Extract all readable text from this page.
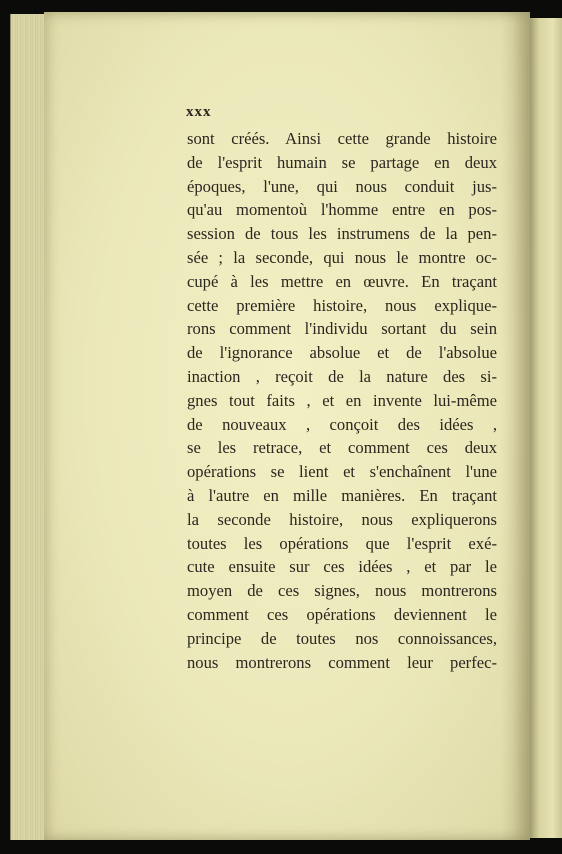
xxx
sont créés. Ainsi cette grande histoire
de l'esprit humain se partage en deux
époques, l'une, qui nous conduit jus-
qu'au momentoù l'homme entre en pos-
session de tous les instrumens de la pen-
sée ; la seconde, qui nous le montre oc-
cupé à les mettre en œuvre. En traçant
cette première histoire, nous explique-
rons comment l'individu sortant du sein
de l'ignorance absolue et de l'absolue
inaction , reçoit de la nature des si-
gnes tout faits , et en invente lui-même
de nouveaux , conçoit des idées ,
se les retrace, et comment ces deux
opérations se lient et s'enchaînent l'une
à l'autre en mille manières. En traçant
la seconde histoire, nous expliquerons
toutes les opérations que l'esprit exé-
cute ensuite sur ces idées , et par le
moyen de ces signes, nous montrerons
comment ces opérations deviennent le
principe de toutes nos connoissances,
nous montrerons comment leur perfec-
